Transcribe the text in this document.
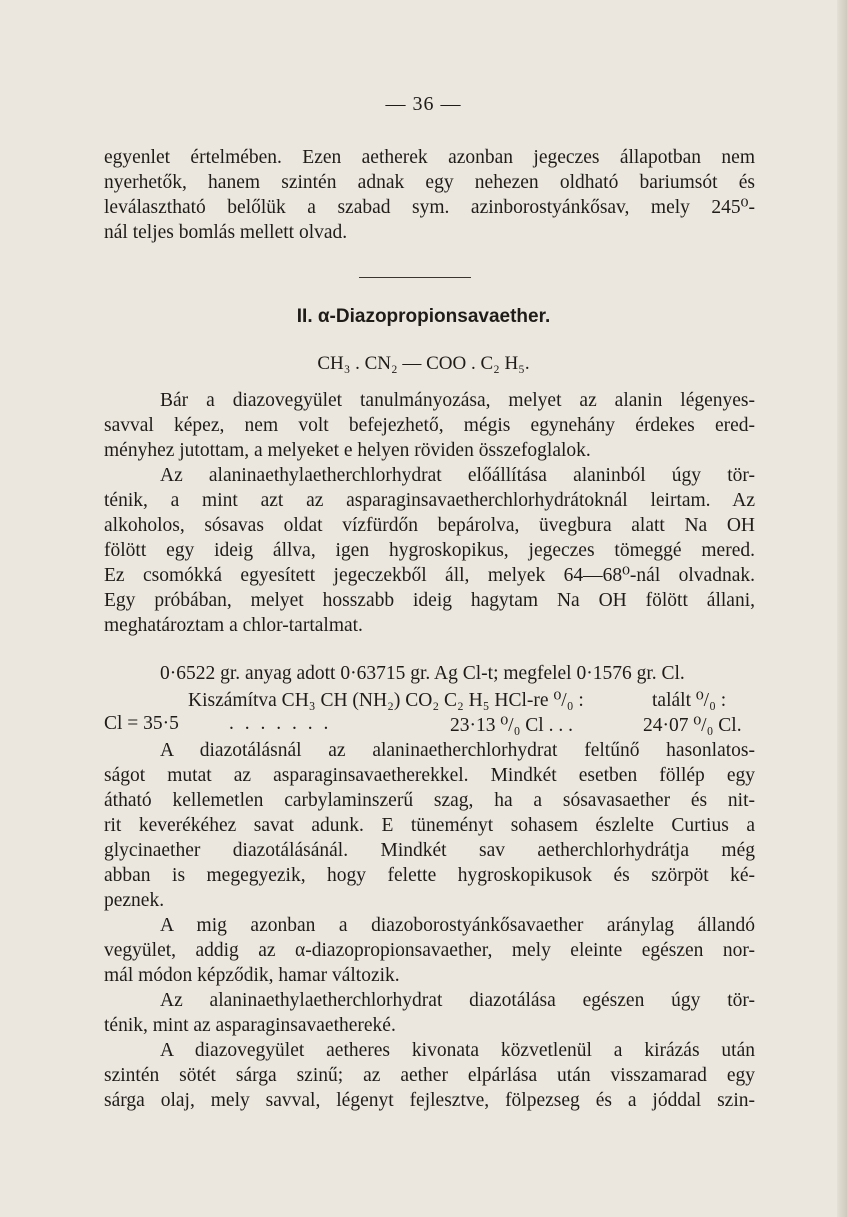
— 36 —
egyenlet értelmében. Ezen aetherek azonban jegeczes állapotban nem
nyerhetők, hanem szintén adnak egy nehezen oldható bariumsót és
leválasztható belőlük a szabad sym. azinborostyánkősav, mely 245⁰-
nál teljes bomlás mellett olvad.
II. α-Diazopropionsavaether.
CH₃ . CN₂ — COO . C₂ H₅.
Bár a diazovegyület tanulmányozása, melyet az alanin légenyes-
savval képez, nem volt befejezhető, mégis egynehány érdekes ered-
ményhez jutottam, a melyeket e helyen röviden összefoglalok.
Az alaninaethylaetherchlorhydrat előállítása alaninból úgy tör-
ténik, a mint azt az asparaginsavaetherchlorhydrátoknál leirtam. Az
alkoholos, sósavas oldat vízfürdőn bepárolva, üvegbura alatt Na OH
fölött egy ideig állva, igen hygroskopikus, jegeczes tömeggé mered.
Ez csomókká egyesített jegeczekből áll, melyek 64—68⁰-nál olvadnak.
Egy próbában, melyet hosszabb ideig hagytam Na OH fölött állani,
meghatároztam a chlor-tartalmat.
0·6522 gr. anyag adott 0·63715 gr. Ag Cl-t; megfelel 0·1576 gr. Cl.
Kiszámítva CH₃ CH (NH₂) CO₂ C₂ H₅ HCl-re ⁰/₀ :	talált ⁰/₀ :
Cl = 35·5	. . . . . . .	23·13 ⁰/₀ Cl . . .	24·07 ⁰/₀ Cl.
A diazotálásnál az alaninaetherchlorhydrat feltűnő hasonlatos-
ságot mutat az asparaginsavaetherekkel. Mindkét esetben föllép egy
átható kellemetlen carbylaminszerű szag, ha a sósavasaether és nit-
rit keverékéhez savat adunk. E tüneményt sohasem észlelte Curtius a
glycinaether diazotálásánál. Mindkét sav aetherchlorhydrátja még
abban is megegyezik, hogy felette hygroskopikusok és szörpöt ké-
peznek.
A mig azonban a diazoborostyánkősavaether aránylag állandó
vegyület, addig az α-diazopropionsavaether, mely eleinte egészen nor-
mál módon képződik, hamar változik.
Az alaninaethylaetherchlorhydrat diazotálása egészen úgy tör-
ténik, mint az asparaginsavaethereké.
A diazovegyület aetheres kivonata közvetlenül a kirázás után
szintén sötét sárga szinű; az aether elpárlása után visszamarad egy
sárga olaj, mely savval, légenyt fejlesztve, fölpezseg és a jóddal szin-
